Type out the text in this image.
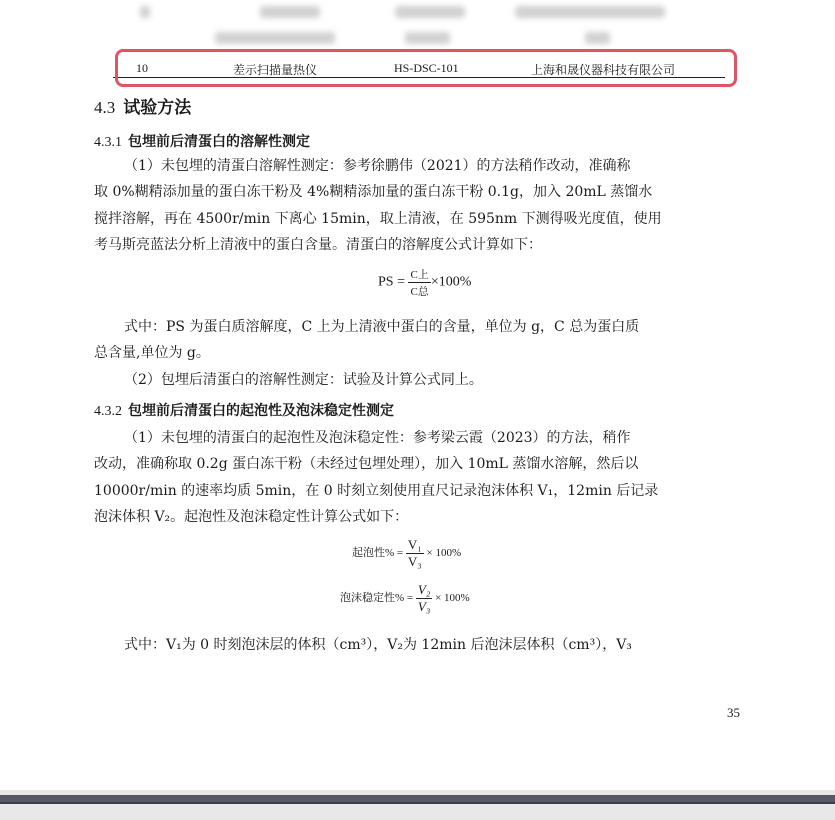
10	差示扫描量热仪	HS-DSC-101	上海和晟仪器科技有限公司
4.3 试验方法
4.3.1 包埋前后清蛋白的溶解性测定
（1）未包埋的清蛋白溶解性测定：参考徐鹏伟（2021）的方法稍作改动，准确称
取 0%糊精添加量的蛋白冻干粉及 4%糊精添加量的蛋白冻干粉 0.1g，加入 20mL 蒸馏水
搅拌溶解，再在 4500r/min 下离心 15min，取上清液，在 595nm 下测得吸光度值，使用
考马斯亮蓝法分析上清液中的蛋白含量。清蛋白的溶解度公式计算如下：
PS = $\frac{\text{C上}}{\text{C总}} \times 100\%$
式中：PS 为蛋白质溶解度，C 上为上清液中蛋白的含量，单位为 g，C 总为蛋白质
总含量,单位为 g。
（2）包埋后清蛋白的溶解性测定：试验及计算公式同上。
4.3.2 包埋前后清蛋白的起泡性及泡沫稳定性测定
（1）未包埋的清蛋白的起泡性及泡沫稳定性：参考梁云霞（2023）的方法，稍作
改动，准确称取 0.2g 蛋白冻干粉（未经过包埋处理），加入 10mL 蒸馏水溶解，然后以
10000r/min 的速率均质 5min，在 0 时刻立刻使用直尺记录泡沫体积 V₁，12min 后记录
泡沫体积 V₂。起泡性及泡沫稳定性计算公式如下：
起泡性% = $\frac{\text{V₁}}{\text{V₃}} \times 100\%$
泡沫稳定性% = $\frac{\text{V₂}}{\text{V₃}} \times 100\%$
式中：V₁为 0 时刻泡沫层的体积（cm³），V₂为 12min 后泡沫层体积（cm³），V₃
35
